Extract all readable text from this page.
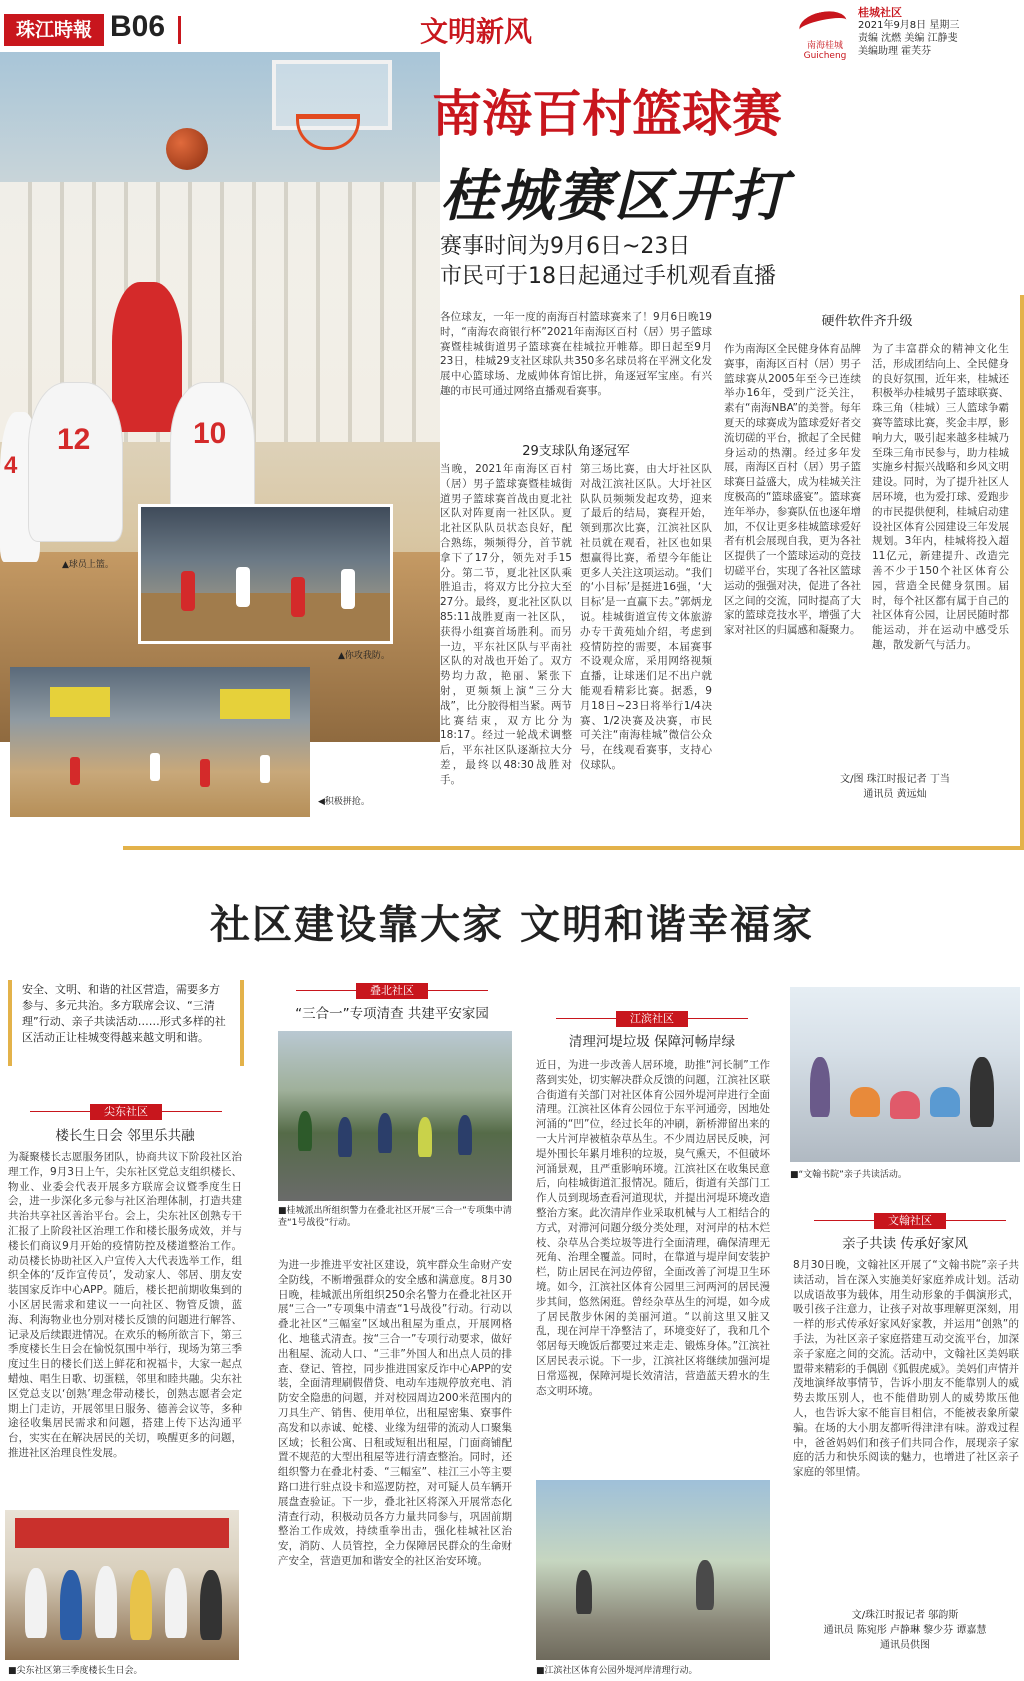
珠江時報 B06	文明新风	南海桂城 Guicheng
桂城社区
2021年9月8日 星期三
责编 沈燃 美编 江静斐
美编助理 霍芙芬
12	10
4
▲球员上篮。
▲你攻我防。
◀积极拼抢。
南海百村篮球赛
桂城赛区开打
赛事时间为9月6日~23日
市民可于18日起通过手机观看直播
各位球友，一年一度的南海百村篮球赛来了！9月6日晚19时，“南海农商银行杯”2021年南海区百村（居）男子篮球赛暨桂城街道男子篮球赛在桂城拉开帷幕。即日起至9月23日，桂城29支社区球队共350多名球员将在平洲文化发展中心篮球场、龙威帅体育馆比拼，角逐冠军宝座。有兴趣的市民可通过网络直播观看赛事。
29支球队角逐冠军
当晚，2021年南海区百村（居）男子篮球赛暨桂城街道男子篮球赛首战由夏北社区队对阵夏南一社区队。夏北社区队队员状态良好，配合熟练，频频得分，首节就拿下了17分，领先对手15分。第二节，夏北社区队乘胜追击，将双方比分拉大至27分。最终，夏北社区队以85:11战胜夏南一社区队，获得小组赛首场胜利。而另一边，平东社区队与平南社区队的对战也开始了。双方势均力敌，艳丽、紧张下射，更频频上演“三分大战”，比分胶得相当紧。两节比赛结束，双方比分为18:17。经过一轮战术调整后，平东社区队逐渐拉大分差，最终以48:30战胜对手。
第三场比赛，由大圩社区队对战江滨社区队。大圩社区队队员频频发起攻势，迎来了最后的结局，赛程开始，领到那次比赛，江滨社区队社员就在观看，社区也如果想赢得比赛，希望今年能让更多人关注这项运动。“我们的‘小目标’是挺进16强，‘大目标’是一直赢下去。”郭炳龙说。桂城街道宣传文体旅游办专干黄苑灿介绍，考虑到疫情防控的需要，本届赛事不设观众席，采用网络视频直播，让球迷们足不出户就能观看精彩比赛。据悉，9月18日~23日将举行1/4决赛、1/2决赛及决赛，市民可关注“南海桂城”微信公众号，在线观看赛事，支持心仪球队。
硬件软件齐升级
作为南海区全民健身体育品牌赛事，南海区百村（居）男子篮球赛从2005年至今已连续举办16年，受到广泛关注，素有“南海NBA”的美誉。每年夏天的球赛成为篮球爱好者交流切磋的平台，掀起了全民健身运动的热潮。经过多年发展，南海区百村（居）男子篮球赛日益盛大，成为桂城关注度极高的“篮球盛宴”。篮球赛连年举办，参赛队伍也逐年增加，不仅让更多桂城篮球爱好者有机会展现自我，更为各社区提供了一个篮球运动的竞技切磋平台，实现了各社区篮球运动的强强对决，促进了各社区之间的交流，同时提高了大家的篮球竞技水平，增强了大家对社区的归属感和凝聚力。
为了丰富群众的精神文化生活，形成团结向上、全民健身的良好氛围，近年来，桂城还积极举办桂城男子篮球联赛、珠三角（桂城）三人篮球争霸赛等篮球比赛，奖金丰厚，影响力大，吸引起来越多桂城乃至珠三角市民参与，助力桂城实施乡村振兴战略和乡风文明建设。同时，为了提升社区人居环境，也为爱打球、爱跑步的市民提供便利，桂城启动建设社区体育公园建设三年发展规划。3年内，桂城将投入超11亿元，新建提升、改造完善不少于150个社区体育公园，营造全民健身氛围。届时，每个社区都有属于自己的社区体育公园，让居民随时都能运动，并在运动中感受乐趣，散发新气与活力。
文/图 珠江时报记者 丁当
通讯员 黄远灿
社区建设靠大家 文明和谐幸福家
安全、文明、和谐的社区营造，需要多方参与、多元共治。多方联席会议、“三清理”行动、亲子共读活动……形式多样的社区活动正让桂城变得越来越文明和谐。
尖东社区
楼长生日会 邻里乐共融
为凝聚楼长志愿服务团队，协商共议下阶段社区治理工作，9月3日上午，尖东社区党总支组织楼长、物业、业委会代表开展多方联席会议暨季度生日会，进一步深化多元参与社区治理体制，打造共建共治共享社区善治平台。会上，尖东社区创熟专干汇报了上阶段社区治理工作和楼长服务成效，并与楼长们商议9月开始的疫情防控及楼道整治工作。动员楼长协助社区入户宣传入大代表选举工作，组织全体的‘反诈宣传员’，发动家人、邻居、朋友安装国家反诈中心APP。随后，楼长把前期收集到的小区居民需求和建议一一向社区、物管反馈，蓝海、利海物业也分别对楼长反馈的问题进行解答、记录及后续跟进情况。在欢乐的畅所欲言下，第三季度楼长生日会在愉悦氛围中举行，现场为第三季度过生日的楼长们送上鲜花和祝福卡，大家一起点蜡烛、唱生日歌、切蛋糕，邻里和睦共融。尖东社区党总支以‘创熟’理念带动楼长，创熟志愿者会定期上门走访，开展邻里日服务、德善会议等，多种途径收集居民需求和问题，搭建上传下达沟通平台，实实在在解决居民的关切，唤醒更多的问题，推进社区治理良性发展。
■尖东社区第三季度楼长生日会。
叠北社区
“三合一”专项清查 共建平安家园
■桂城派出所组织警力在叠北社区开展“三合一”专项集中清查“1号战役”行动。
为进一步推进平安社区建设，筑牢群众生命财产安全防线，不断增强群众的安全感和满意度。8月30日晚，桂城派出所组织250余名警力在叠北社区开展“三合一”专项集中清查“1号战役”行动。行动以叠北社区“三幅室”区域出租屋为重点，开展网格化、地毯式清查。按“三合一”专项行动要求，做好出租屋、流动人口、“三非”外国人和出点人员的排查、登记、管控，同步推进国家反诈中心APP的安装，全面清理刷假借贷、电动车违规停放充电、消防安全隐患的问题，并对校园周边200米范围内的刀具生产、销售、使用单位，出租屋密集、寮事件高发和以赤诚、蛇楼、业缘为纽带的流动人口聚集区域；长租公寓、日租或短租出租屋，门面商铺配置不规范的大型出租屋等进行清查整治。同时，还组织警力在叠北村委、“三幅室”、桂江三小等主要路口进行驻点设卡和巡逻防控，对可疑人员车辆开展盘查验证。下一步，叠北社区将深入开展常态化清查行动，积极动员各方力量共同参与，巩固前期整治工作成效，持续重拳出击，强化桂城社区治安，消防、人员管控，全力保障居民群众的生命财产安全，营造更加和谐安全的社区治安环境。
江滨社区
清理河堤垃圾 保障河畅岸绿
近日，为进一步改善人居环境，助推“河长制”工作落到实处，切实解决群众反馈的问题，江滨社区联合街道有关部门对社区体育公园外堤河岸进行全面清理。江滨社区体育公园位于东平河通旁，因地处河涌的“凹”位，经过长年的冲刷，新桥滞留出来的一大片河岸被植杂草丛生。不少周边居民反映，河堤外围长年累月堆积的垃圾，臭气熏天，不但破坏河涌景观，且严重影响环境。江滨社区在收集民意后，向桂城街道汇报情况。随后，街道有关部门工作人员到现场查看河道现状，并提出河堤环境改造整治方案。此次清岸作业采取机械与人工相结合的方式，对滞河问题分级分类处理，对河岸的枯木烂枝、杂草丛合类垃圾等进行全面清理，确保清理无死角、治理全覆盖。同时，在靠道与堤岸间安装护栏，防止居民在河边停留，全面改善了河堤卫生环境。如今，江滨社区体育公园里三河两河的居民漫步其间，悠然闲逛。曾经杂草丛生的河堤，如今成了居民散步休闲的美丽河道。“以前这里又脏又乱，现在河岸干净整洁了，环境变好了，我和几个邻居每天晚饭后都要过来走走、锻炼身体。”江滨社区居民表示说。下一步，江滨社区将继续加强河堤日常巡视，保障河堤长效清洁，营造蓝天碧水的生态文明环境。
■江滨社区体育公园外堤河岸清理行动。
■“文翰书院”亲子共读活动。
文翰社区
亲子共读 传承好家风
8月30日晚，文翰社区开展了“文翰书院”亲子共读活动，旨在深入实施美好家庭养成计划。活动以成语故事为载体，用生动形象的手偶演形式，吸引孩子注意力，让孩子对故事理解更深刻，用一样的形式传承好家风好家教，并运用“创熟”的手法，为社区亲子家庭搭建互动交流平台，加深亲子家庭之间的交流。活动中，文翰社区美妈联盟带来精彩的手偶剧《狐假虎威》。美妈们声情并茂地演绎故事情节，告诉小朋友不能靠别人的威势去欺压别人，也不能借助别人的威势欺压他人，也告诉大家不能盲目相信，不能被表象所蒙骗。在场的大小朋友都听得津津有味。游戏过程中，爸爸妈妈们和孩子们共同合作，展现亲子家庭的活力和快乐阅读的魅力，也增进了社区亲子家庭的邻里情。
文/珠江时报记者 邬韵斯
通讯员 陈宛彤 卢静琳 黎少芬 谭嘉慧
通讯员供图
